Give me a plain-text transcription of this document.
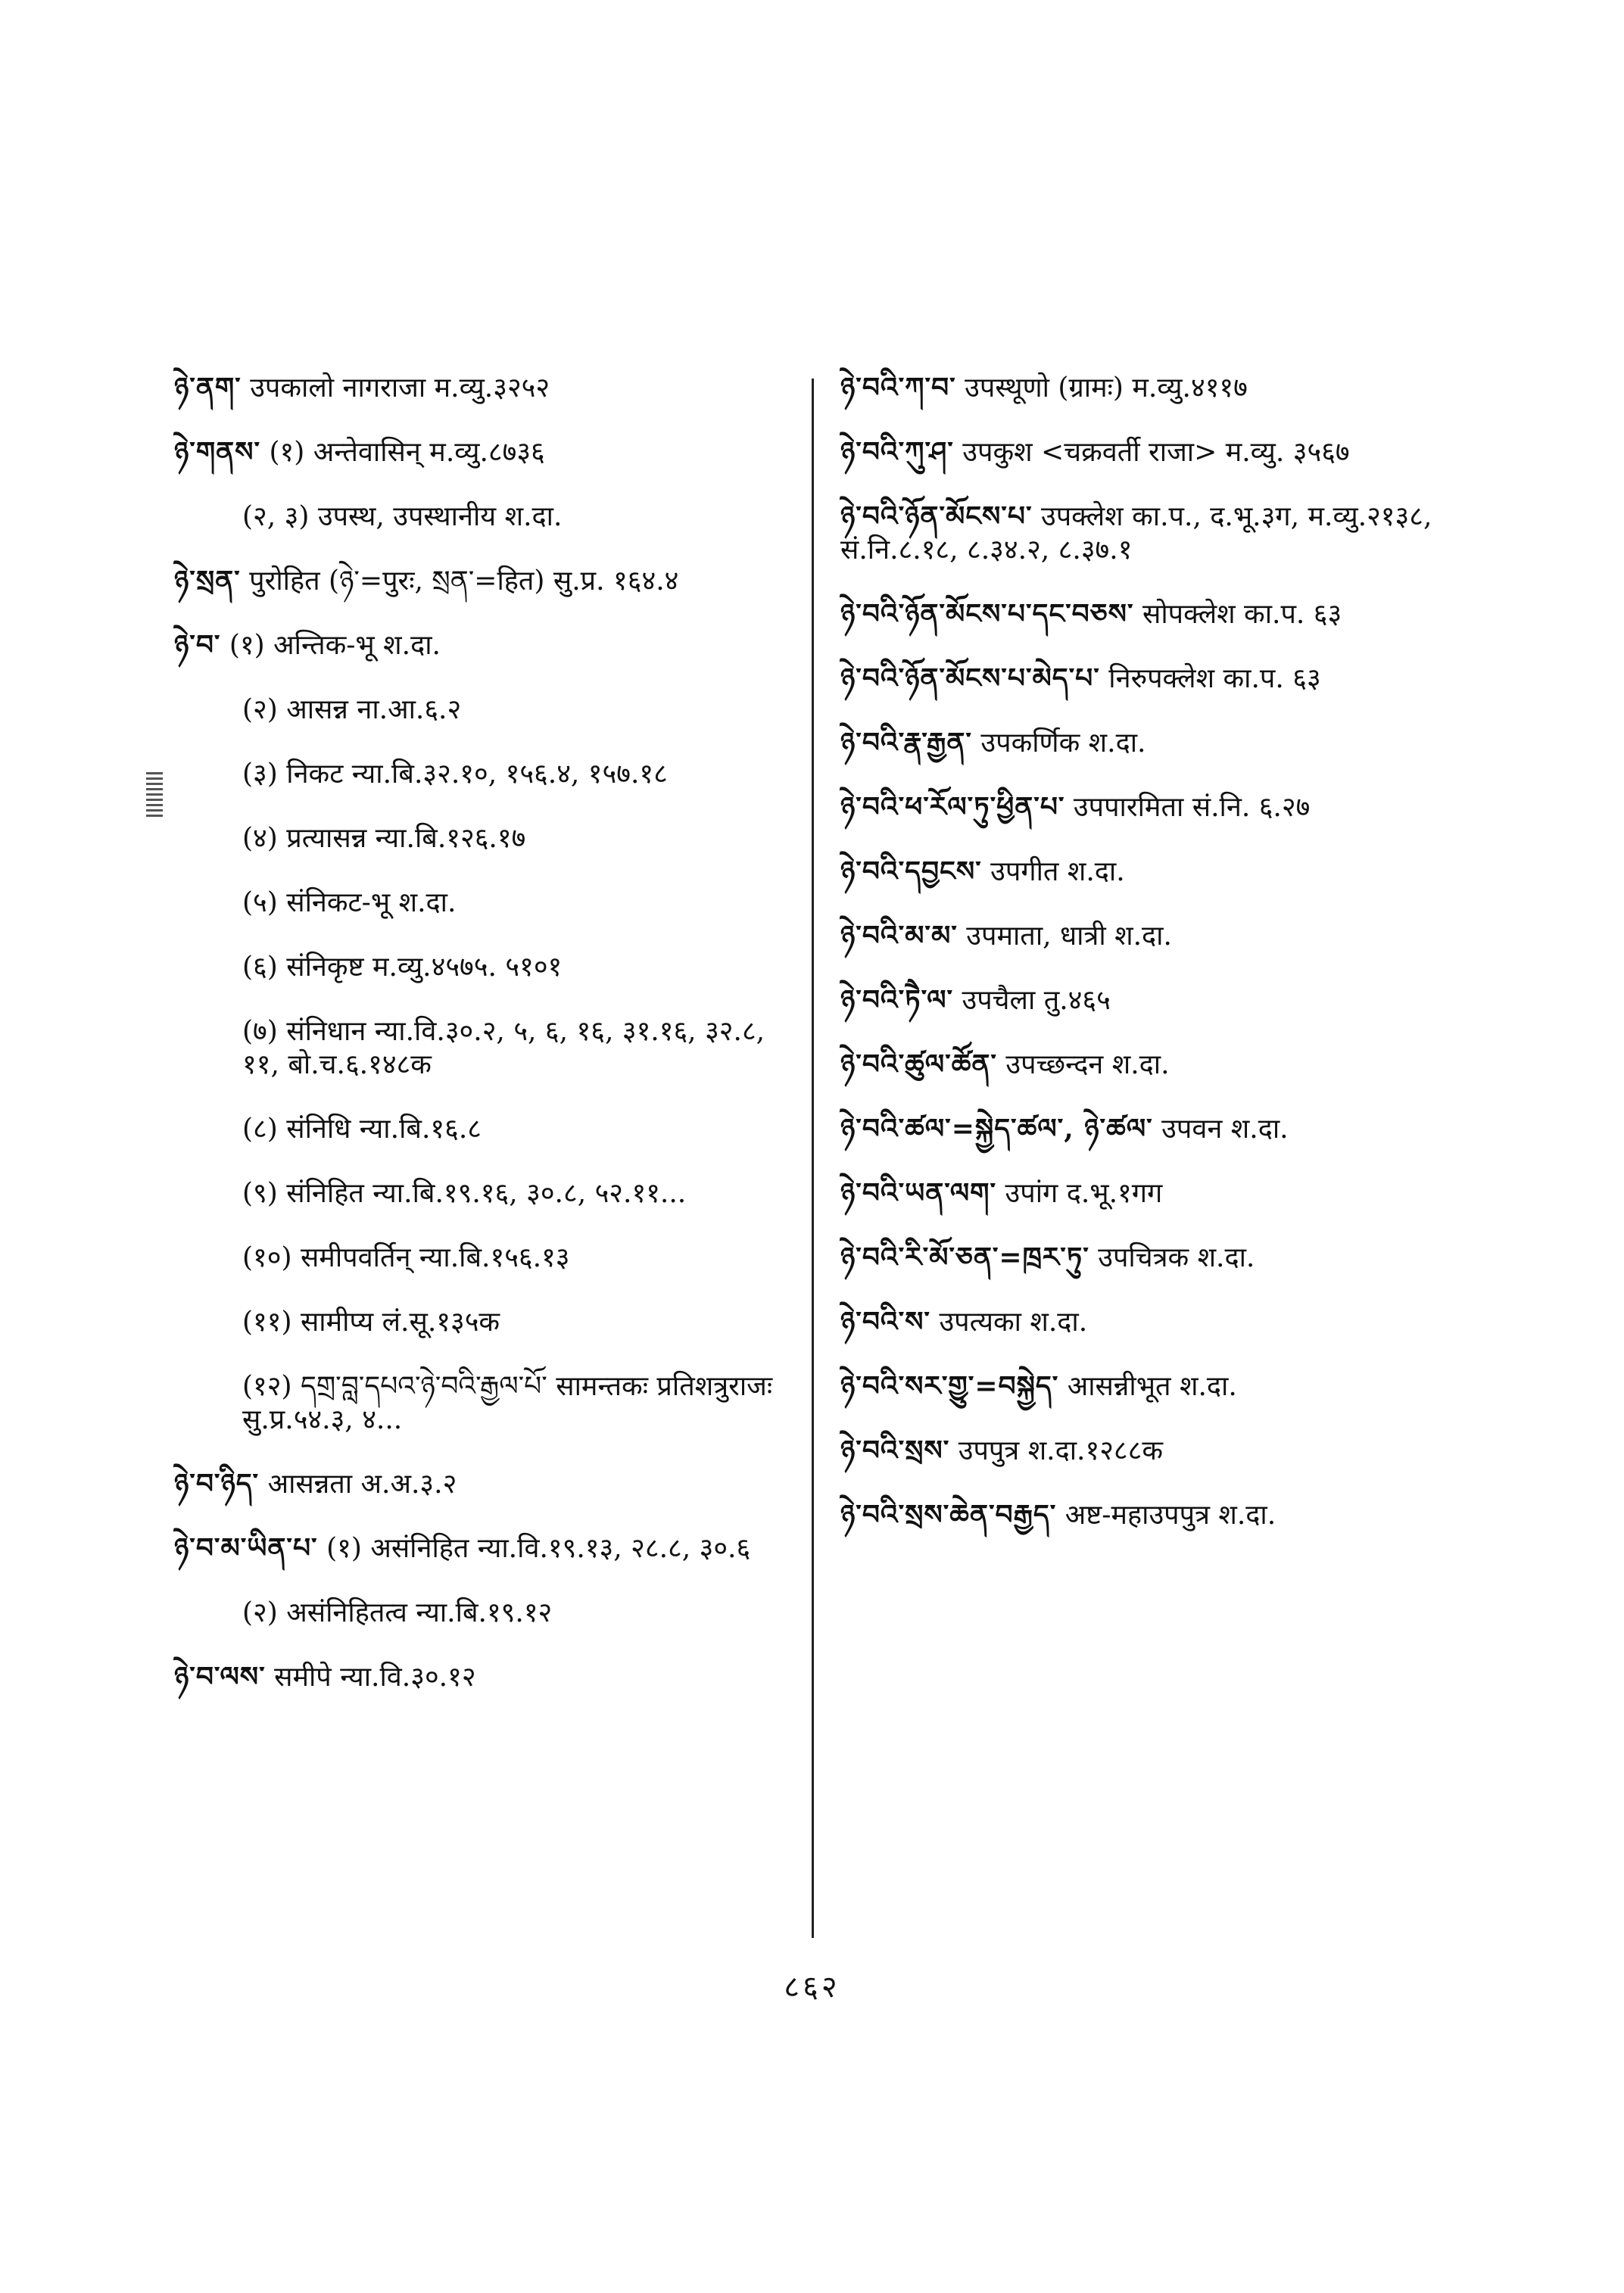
ཉེ་ནག་ उपकालो नागराजा म.व्यु.३२५२
ཉེ་གནས་ (१) अन्तेवासिन् म.व्यु.८७३६
(२, ३) उपस्थ, उपस्थानीय श.दा.
ཉེ་སྲན་ पुरोहित (ཉེ་=पुरः, སྲན་=हित) सु.प्र. १६४.४
ཉེ་བ་ (१) अन्तिक-भू श.दा.
(२) आसन्न ना.आ.६.२
(३) निकट न्या.बि.३२.१०, १५६.४, १५७.१८
(४) प्रत्यासन्न न्या.बि.१२६.१७
(५) संनिकट-भू श.दा.
(६) संनिकृष्ट म.व्यु.४५७५. ५१०१
(७) संनिधान न्या.वि.३०.२, ५, ६, १६, ३१.१६, ३२.८, ११, बो.च.६.१४८क
(८) संनिधि न्या.बि.१६.८
(९) संनिहित न्या.बि.१९.१६, ३०.८, ५२.११...
(१०) समीपवर्तिन् न्या.बि.१५६.१३
(११) सामीप्य लं.सू.१३५क
(१२) དགྲ་བླ་དཔའ་ཉེ་བའི་རྒྱལ་པོ་ सामन्तकः प्रतिशत्रुराजः सु.प्र.५४.३, ४...
ཉེ་བ་ཉིད་ आसन्नता अ.अ.३.२
ཉེ་བ་མ་ཡིན་པ་ (१) असंनिहित न्या.वि.१९.१३, २८.८, ३०.६
(२) असंनिहितत्व न्या.बि.१९.१२
ཉེ་བ་ལས་ समीपे न्या.वि.३०.१२
ཉེ་བའི་ཀ་བ་ उपस्थूणो (ग्रामः) म.व्यु.४११७
ཉེ་བའི་ཀུ་ཤ་ उपकुश <चक्रवर्ती राजा> म.व्यु. ३५६७
ཉེ་བའི་ཉོན་མོངས་པ་ उपक्लेश का.प., द.भू.३ग, म.व्यु.२१३८, सं.नि.८.१८, ८.३४.२, ८.३७.१
ཉེ་བའི་ཉོན་མོངས་པ་དང་བཅས་ सोपक्लेश का.प. ६३
ཉེ་བའི་ཉོན་མོངས་པ་མེད་པ་ निरुपक्लेश का.प. ६३
ཉེ་བའི་རྣ་རྒྱན་ उपकर्णिक श.दा.
ཉེ་བའི་ཕ་རོལ་ཏུ་ཕྱིན་པ་ उपपारमिता सं.नि. ६.२७
ཉེ་བའི་དབྱངས་ उपगीत श.दा.
ཉེ་བའི་མ་མ་ उपमाता, धात्री श.दा.
ཉེ་བའི་ཏཻ་ལ་ उपचैला तु.४६५
ཉེ་བའི་ཚུལ་ཚོན་ उपच्छन्दन श.दा.
ཉེ་བའི་ཚལ་=སྐྱེད་ཚལ་, ཉེ་ཚལ་ उपवन श.दा.
ཉེ་བའི་ཡན་ལག་ उपांग द.भू.१गग
ཉེ་བའི་རི་མོ་ཅན་=ཁྲར་ཏུ་ उपचित्रक श.दा.
ཉེ་བའི་ས་ उपत्यका श.दा.
ཉེ་བའི་སར་གྱུ་=བསྐྱེད་ आसन्नीभूत श.दा.
ཉེ་བའི་སྲས་ उपपुत्र श.दा.१२८८क
ཉེ་བའི་སྲས་ཆེན་བརྒྱད་ अष्ट-महाउपपुत्र श.दा.
८६२
